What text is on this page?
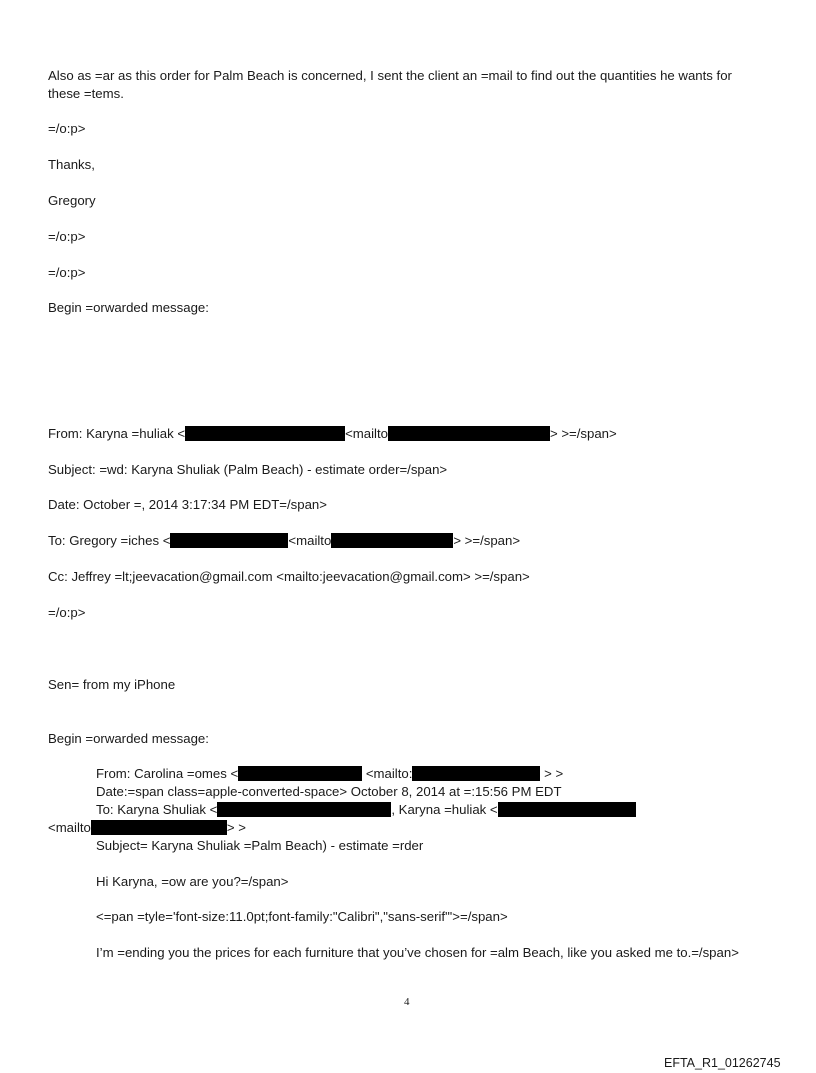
Also as =ar as this order for Palm Beach is concerned, I sent the client an =mail to find out the quantities he wants for these =tems.
=/o:p>
Thanks,
Gregory
=/o:p>
=/o:p>
Begin =orwarded message:
From: Karyna =huliak <	<mailto	> >=/span>
Subject: =wd: Karyna Shuliak (Palm Beach) - estimate order=/span>
Date: October =, 2014 3:17:34 PM EDT=/span>
To: Gregory =iches <	<mailto	> >=/span>
Cc: Jeffrey =lt;jeevacation@gmail.com <mailto:jeevacation@gmail.com> >=/span>
=/o:p>
Sen= from my iPhone
Begin =orwarded message:
From: Carolina =omes <	<mailto:	> >
Date:=span class=apple-converted-space> October 8, 2014 at =:15:56 PM EDT
To: Karyna Shuliak <	, Karyna =huliak <
<mailto	> >
Subject= Karyna Shuliak =Palm Beach) - estimate =rder
Hi Karyna, =ow are you?=/span>
<=pan =tyle='font-size:11.0pt;font-family:"Calibri","sans-serif"'>=/span>
I’m =ending you the prices for each furniture that you’ve chosen for =alm Beach, like you asked me to.=/span>
4
EFTA_R1_01262745
